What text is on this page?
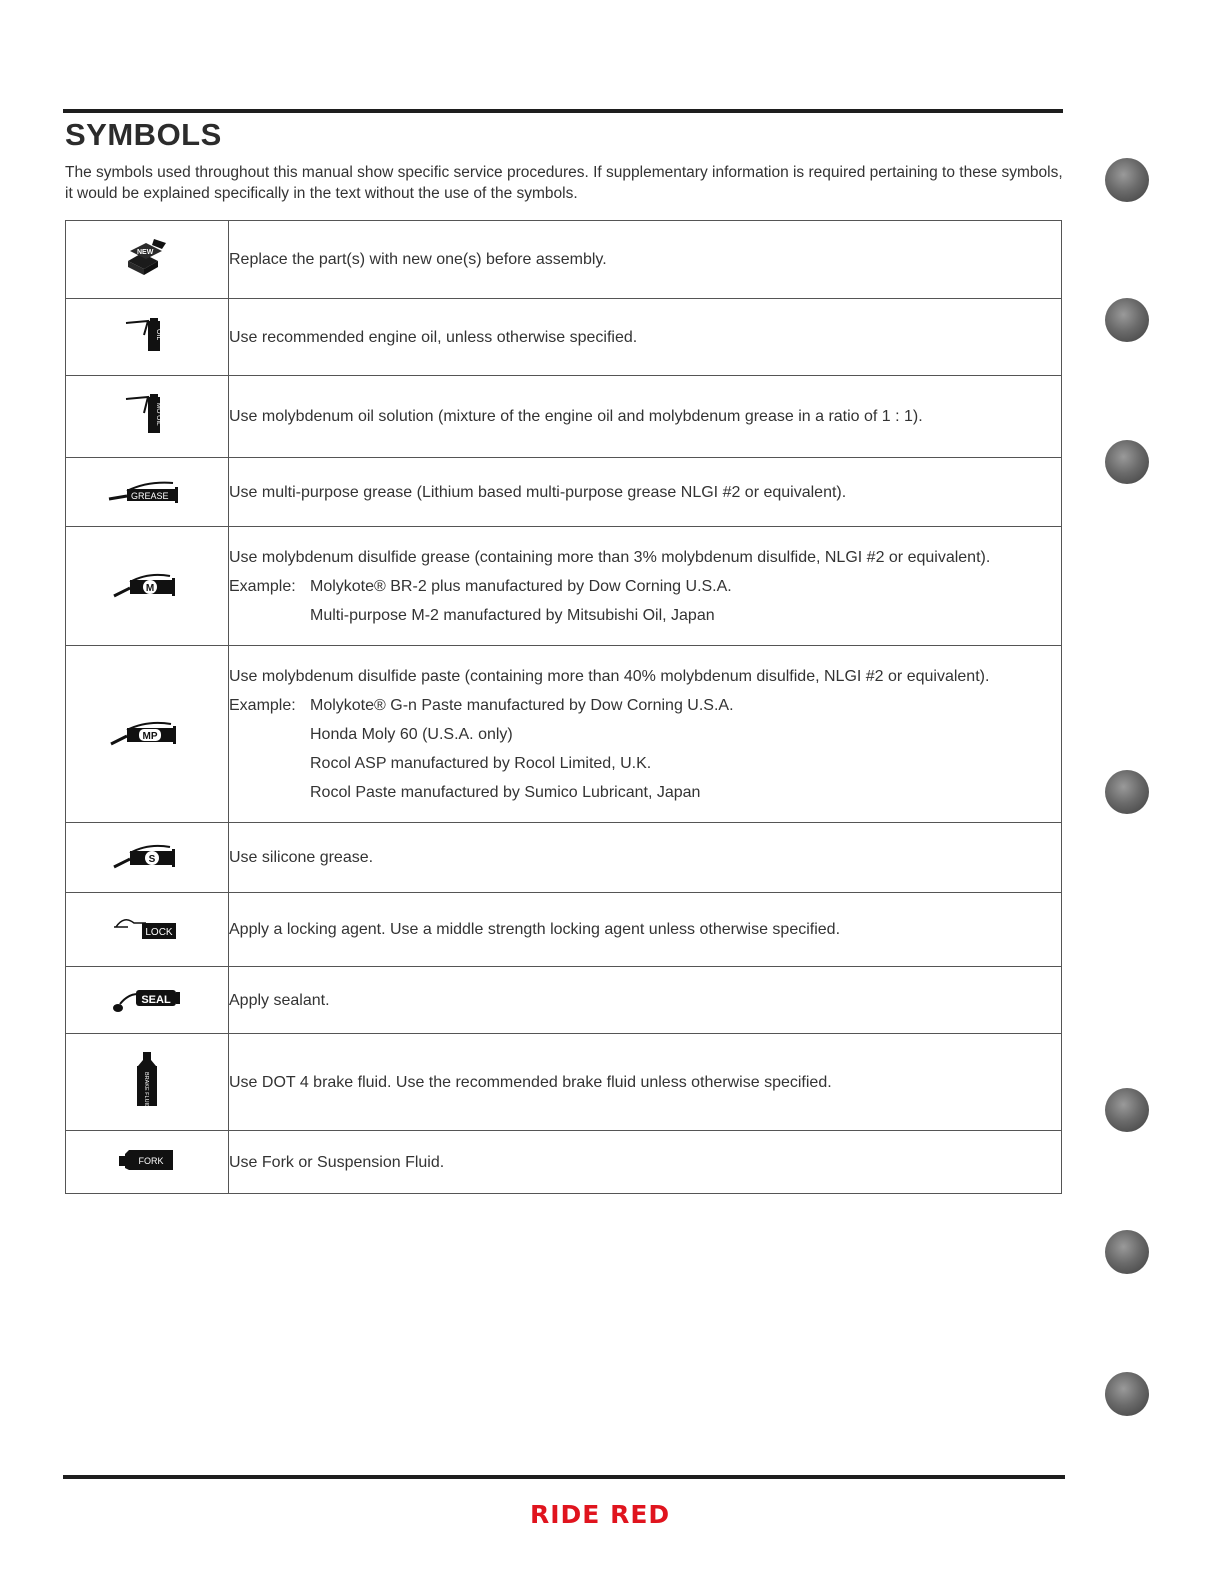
SYMBOLS
The symbols used throughout this manual show specific service procedures. If supplementary information is required pertaining to these symbols, it would be explained specifically in the text without the use of the symbols.
NEW	Replace the part(s) with new one(s) before assembly.

OIL	Use recommended engine oil, unless otherwise specified.

MO OIL	Use molybdenum oil solution (mixture of the engine oil and molybdenum grease in a ratio of 1 : 1).

GREASE	Use multi-purpose grease (Lithium based multi-purpose grease NLGI #2 or equivalent).

M	Use molybdenum disulfide grease (containing more than 3% molybdenum disulfide, NLGI #2 or equivalent).
Example: Molykote® BR-2 plus manufactured by Dow Corning U.S.A.
Multi-purpose M-2 manufactured by Mitsubishi Oil, Japan

MP	Use molybdenum disulfide paste (containing more than 40% molybdenum disulfide, NLGI #2 or equivalent).
Example: Molykote® G-n Paste manufactured by Dow Corning U.S.A.
Honda Moly 60 (U.S.A. only)
Rocol ASP manufactured by Rocol Limited, U.K.
Rocol Paste manufactured by Sumico Lubricant, Japan

S	Use silicone grease.

LOCK	Apply a locking agent. Use a middle strength locking agent unless otherwise specified.

SEAL	Apply sealant.

BRAKE FLUID	Use DOT 4 brake fluid. Use the recommended brake fluid unless otherwise specified.

FORK	Use Fork or Suspension Fluid.
RIDE RED
